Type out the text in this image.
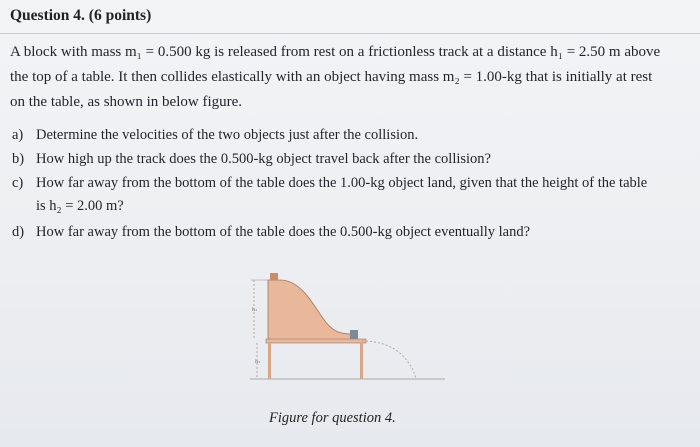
Question 4. (6 points)
A block with mass m₁ = 0.500 kg is released from rest on a frictionless track at a distance h₁ = 2.50 m above
the top of a table. It then collides elastically with an object having mass m₂ = 1.00-kg that is initially at rest
on the table, as shown in below figure.
a) Determine the velocities of the two objects just after the collision.
b) How high up the track does the 0.500-kg object travel back after the collision?
c) How far away from the bottom of the table does the 1.00-kg object land, given that the height of the table
is h₂ = 2.00 m?
d) How far away from the bottom of the table does the 0.500-kg object eventually land?
h₁
h₂
Figure for question 4.
